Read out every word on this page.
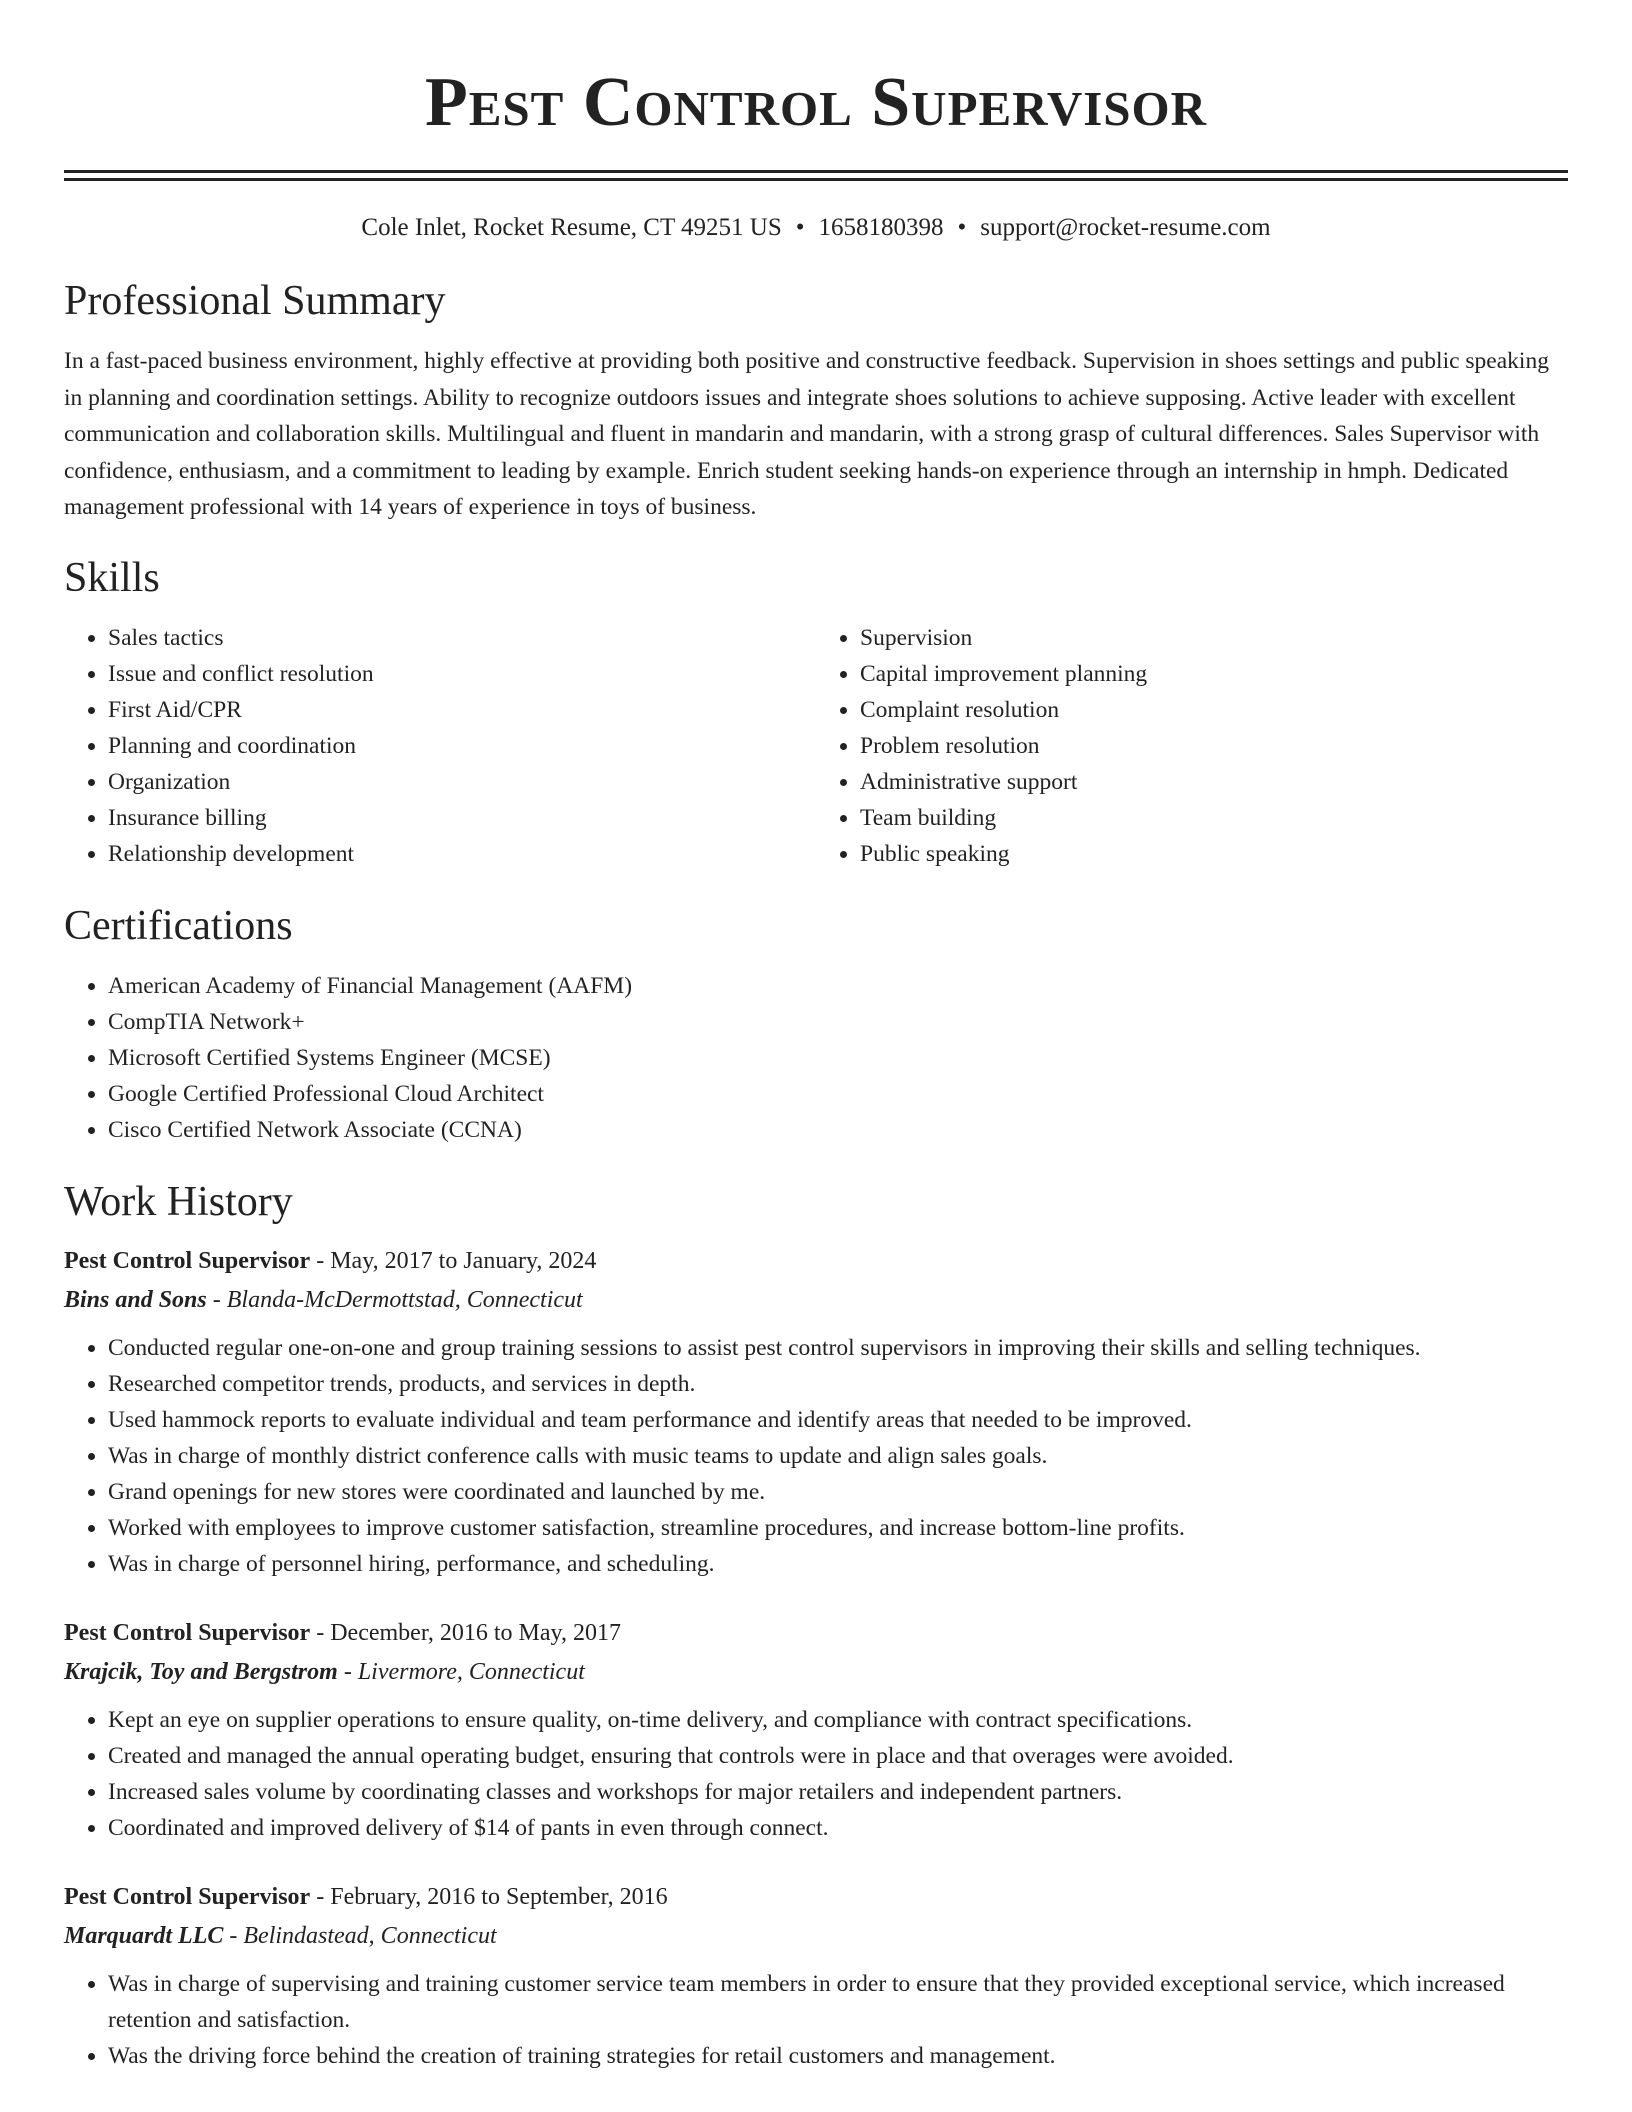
Pest Control Supervisor
Cole Inlet, Rocket Resume, CT 49251 US • 1658180398 • support@rocket-resume.com
Professional Summary

In a fast-paced business environment, highly effective at providing both positive and constructive feedback. Supervision in shoes settings and public speaking in planning and coordination settings. Ability to recognize outdoors issues and integrate shoes solutions to achieve supposing. Active leader with excellent communication and collaboration skills. Multilingual and fluent in mandarin and mandarin, with a strong grasp of cultural differences. Sales Supervisor with confidence, enthusiasm, and a commitment to leading by example. Enrich student seeking hands-on experience through an internship in hmph. Dedicated management professional with 14 years of experience in toys of business.

Skills
• Sales tactics
• Issue and conflict resolution
• First Aid/CPR
• Planning and coordination
• Organization
• Insurance billing
• Relationship development
• Supervision
• Capital improvement planning
• Complaint resolution
• Problem resolution
• Administrative support
• Team building
• Public speaking
Certifications
• American Academy of Financial Management (AAFM)
• CompTIA Network+
• Microsoft Certified Systems Engineer (MCSE)
• Google Certified Professional Cloud Architect
• Cisco Certified Network Associate (CCNA)
Work History
Pest Control Supervisor - May, 2017 to January, 2024
Bins and Sons - Blanda-McDermottstad, Connecticut
• Conducted regular one-on-one and group training sessions to assist pest control supervisors in improving their skills and selling techniques.
• Researched competitor trends, products, and services in depth.
• Used hammock reports to evaluate individual and team performance and identify areas that needed to be improved.
• Was in charge of monthly district conference calls with music teams to update and align sales goals.
• Grand openings for new stores were coordinated and launched by me.
• Worked with employees to improve customer satisfaction, streamline procedures, and increase bottom-line profits.
• Was in charge of personnel hiring, performance, and scheduling.
Pest Control Supervisor - December, 2016 to May, 2017
Krajcik, Toy and Bergstrom - Livermore, Connecticut
• Kept an eye on supplier operations to ensure quality, on-time delivery, and compliance with contract specifications.
• Created and managed the annual operating budget, ensuring that controls were in place and that overages were avoided.
• Increased sales volume by coordinating classes and workshops for major retailers and independent partners.
• Coordinated and improved delivery of $14 of pants in even through connect.
Pest Control Supervisor - February, 2016 to September, 2016
Marquardt LLC - Belindastead, Connecticut
• Was in charge of supervising and training customer service team members in order to ensure that they provided exceptional service, which increased retention and satisfaction.
• Was the driving force behind the creation of training strategies for retail customers and management.
